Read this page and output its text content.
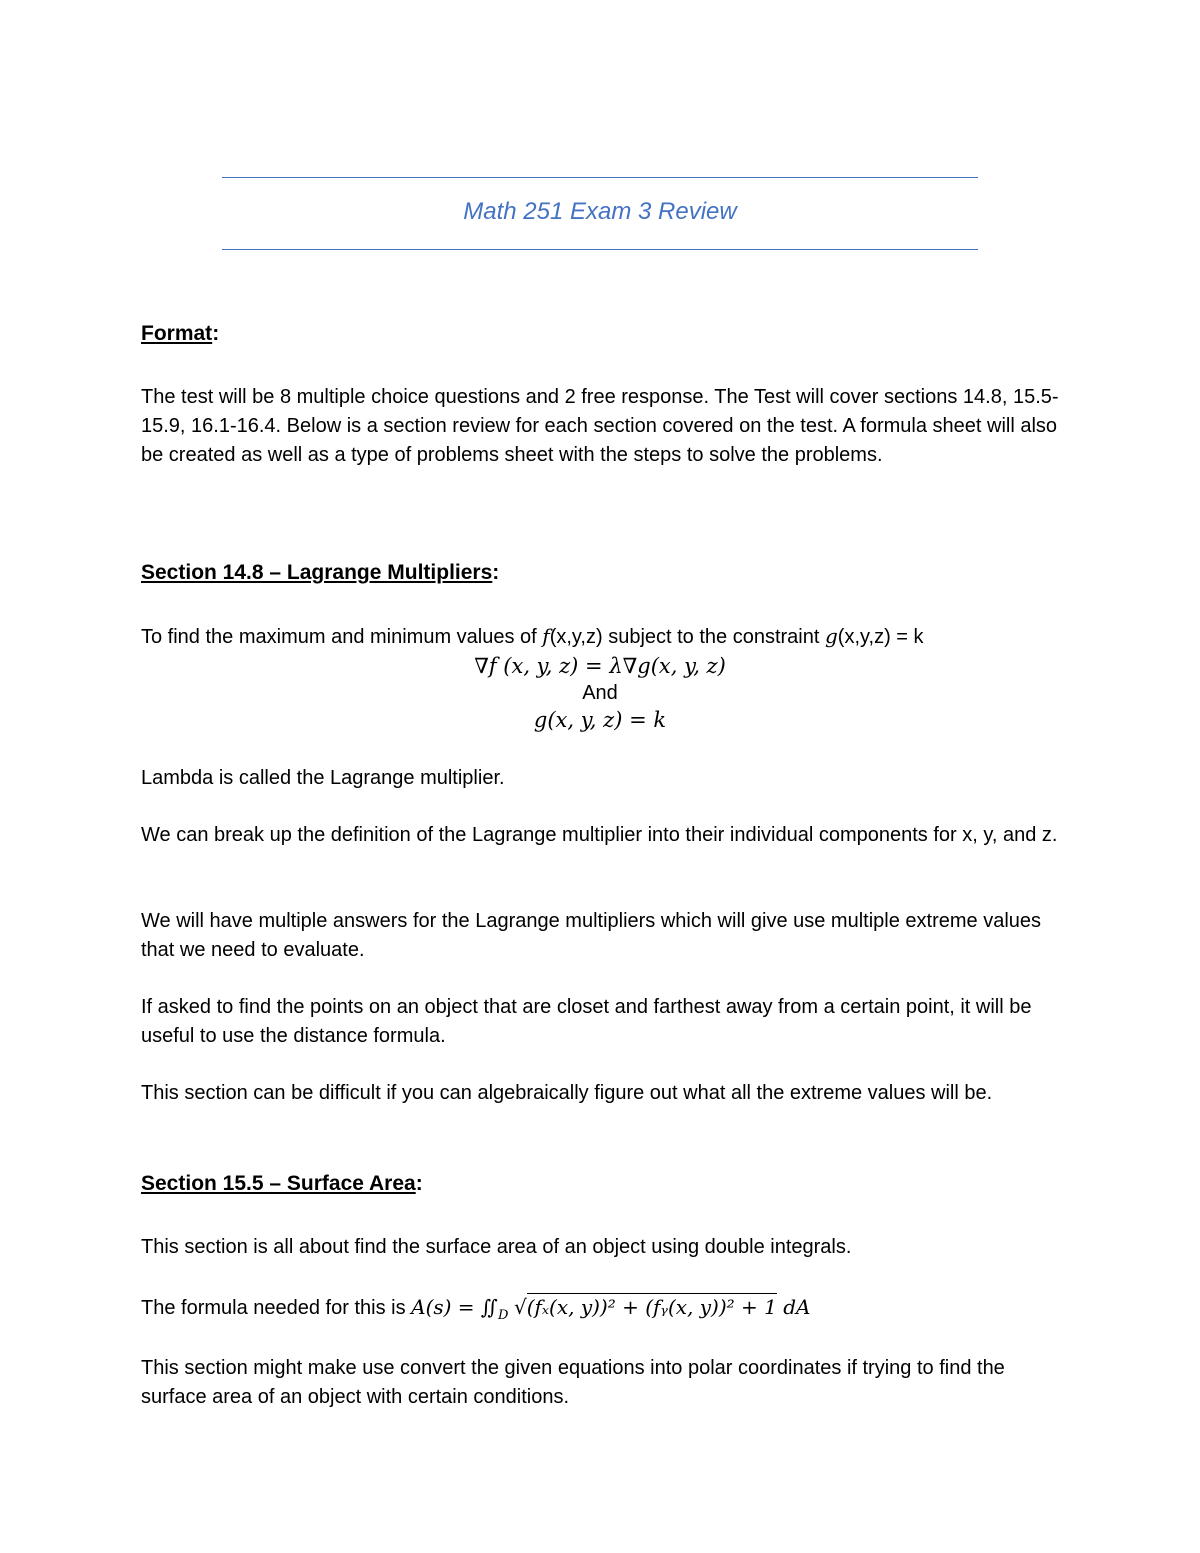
Math 251 Exam 3 Review
Format:
The test will be 8 multiple choice questions and 2 free response. The Test will cover sections 14.8, 15.5-15.9, 16.1-16.4. Below is a section review for each section covered on the test. A formula sheet will also be created as well as a type of problems sheet with the steps to solve the problems.
Section 14.8 – Lagrange Multipliers:
To find the maximum and minimum values of f(x,y,z) subject to the constraint g(x,y,z) = k
∇f (x, y, z) = λ∇g(x, y, z)
And
g(x, y, z) = k
Lambda is called the Lagrange multiplier.
We can break up the definition of the Lagrange multiplier into their individual components for x, y, and z.
We will have multiple answers for the Lagrange multipliers which will give use multiple extreme values that we need to evaluate.
If asked to find the points on an object that are closet and farthest away from a certain point, it will be useful to use the distance formula.
This section can be difficult if you can algebraically figure out what all the extreme values will be.
Section 15.5 – Surface Area:
This section is all about find the surface area of an object using double integrals.
The formula needed for this is $A(s) = ∬_D$ √(fₓ(x, y))² + (fᵧ(x, y))² + 1 dA
This section might make use convert the given equations into polar coordinates if trying to find the surface area of an object with certain conditions.
